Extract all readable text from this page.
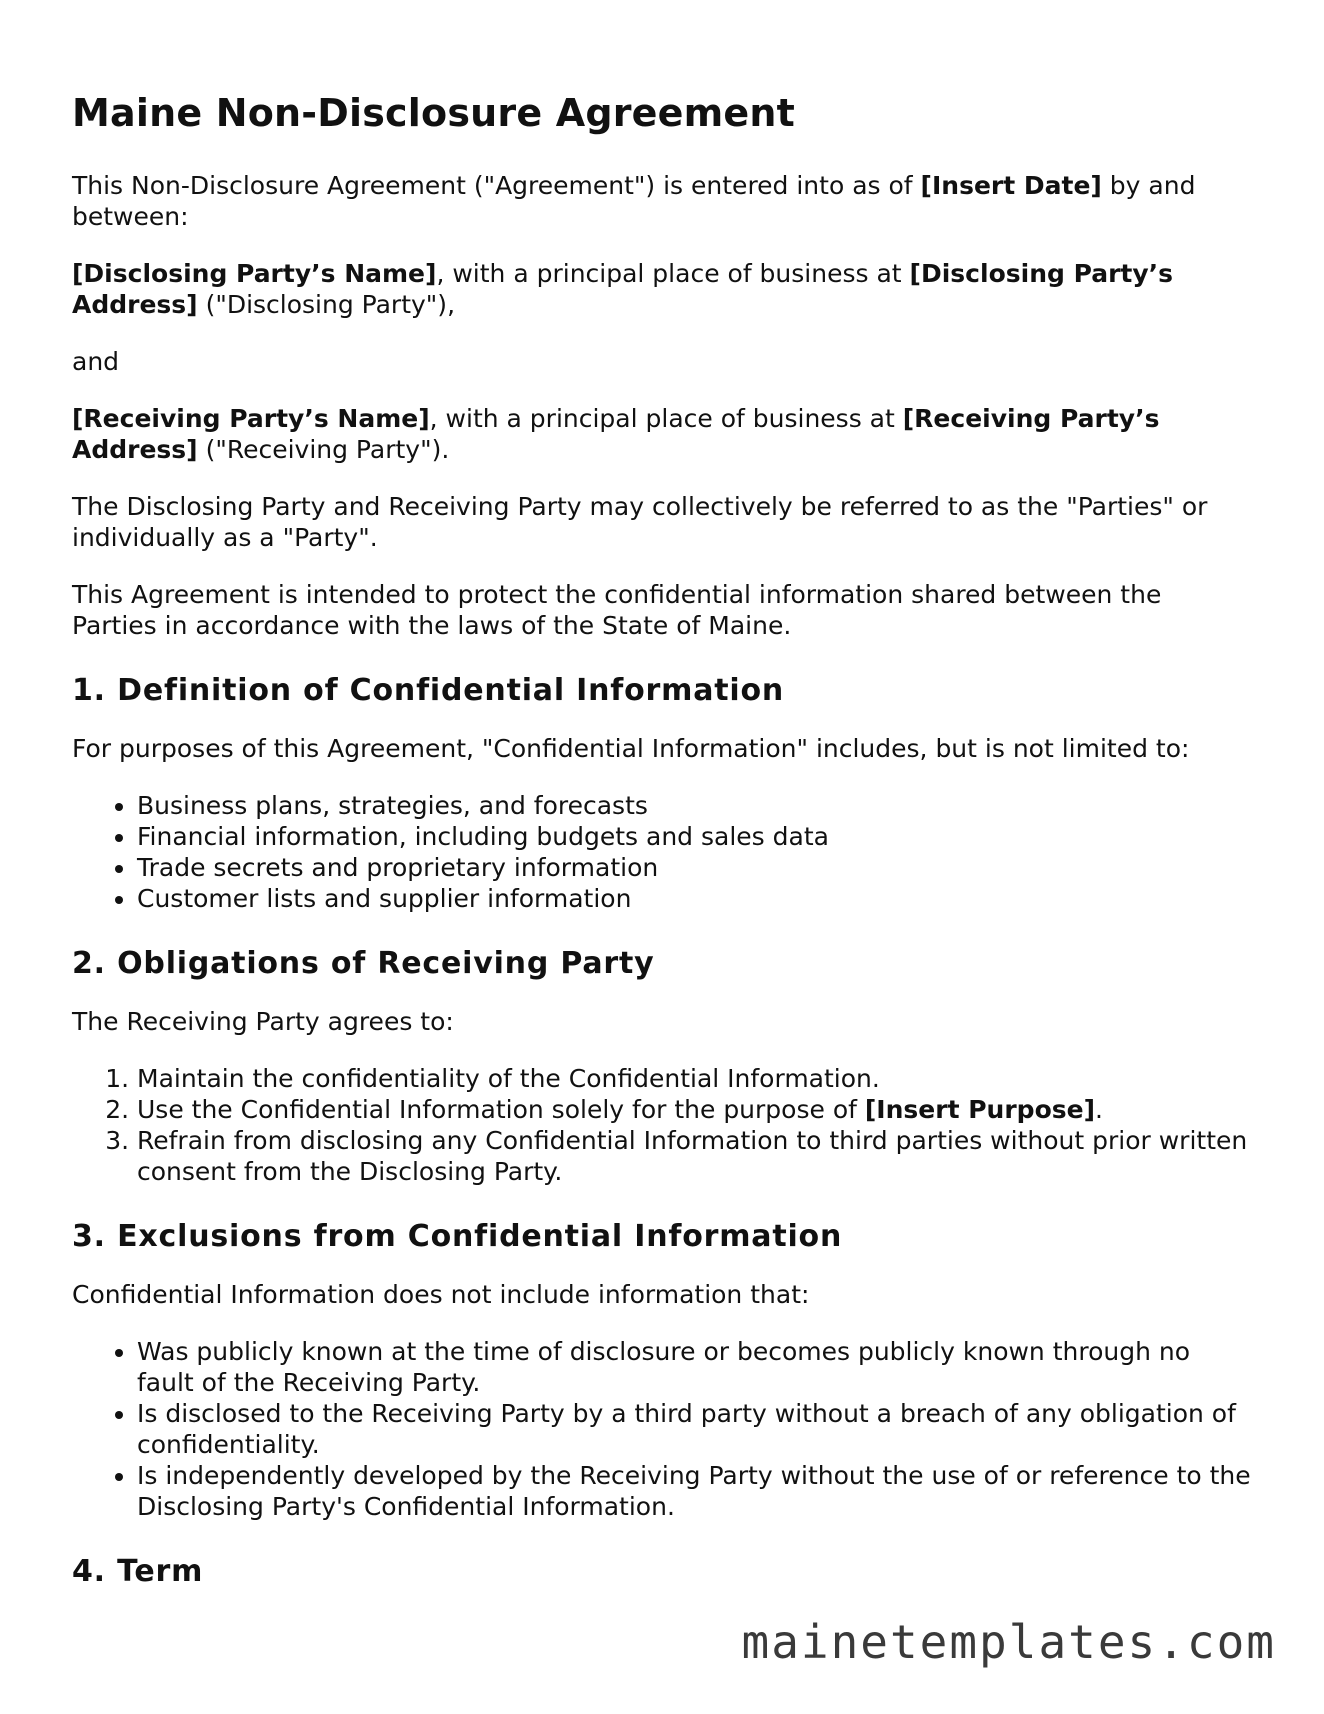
Maine Non-Disclosure Agreement

This Non-Disclosure Agreement ("Agreement") is entered into as of [Insert Date] by and between:

[Disclosing Party’s Name], with a principal place of business at [Disclosing Party’s Address] ("Disclosing Party"),

and

[Receiving Party’s Name], with a principal place of business at [Receiving Party’s Address] ("Receiving Party").

The Disclosing Party and Receiving Party may collectively be referred to as the "Parties" or individually as a "Party".

This Agreement is intended to protect the confidential information shared between the Parties in accordance with the laws of the State of Maine.

1. Definition of Confidential Information

For purposes of this Agreement, "Confidential Information" includes, but is not limited to:

• Business plans, strategies, and forecasts
• Financial information, including budgets and sales data
• Trade secrets and proprietary information
• Customer lists and supplier information
2. Obligations of Receiving Party

The Receiving Party agrees to:

1. Maintain the confidentiality of the Confidential Information.
2. Use the Confidential Information solely for the purpose of [Insert Purpose].
3. Refrain from disclosing any Confidential Information to third parties without prior written consent from the Disclosing Party.
3. Exclusions from Confidential Information

Confidential Information does not include information that:

• Was publicly known at the time of disclosure or becomes publicly known through no fault of the Receiving Party.
• Is disclosed to the Receiving Party by a third party without a breach of any obligation of confidentiality.
• Is independently developed by the Receiving Party without the use of or reference to the Disclosing Party's Confidential Information.
4. Term
mainetemplates.com
